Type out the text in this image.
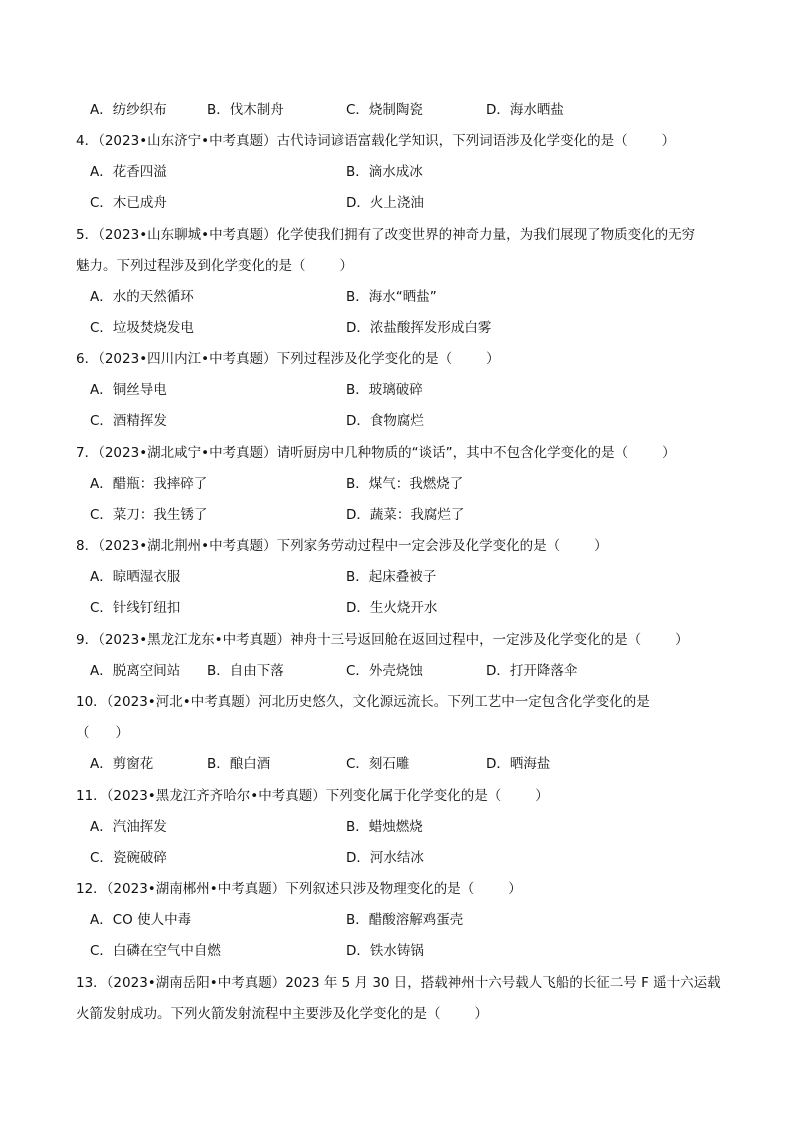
A．纺纱织布	B．伐木制舟	C．烧制陶瓷	D．海水晒盐
4．（2023•山东济宁•中考真题）古代诗词谚语富载化学知识，下列词语涉及化学变化的是（	）
A．花香四溢	B．滴水成冰
C．木已成舟	D．火上浇油
5．（2023•山东聊城•中考真题）化学使我们拥有了改变世界的神奇力量，为我们展现了物质变化的无穷
魅力。下列过程涉及到化学变化的是（	）
A．水的天然循环	B．海水“晒盐”
C．垃圾焚烧发电	D．浓盐酸挥发形成白雾
6．（2023•四川内江•中考真题）下列过程涉及化学变化的是（	）
A．铜丝导电	B．玻璃破碎
C．酒精挥发	D．食物腐烂
7．（2023•湖北咸宁•中考真题）请听厨房中几种物质的“谈话”，其中不包含化学变化的是（	）
A．醋瓶：我摔碎了	B．煤气：我燃烧了
C．菜刀：我生锈了	D．蔬菜：我腐烂了
8．（2023•湖北荆州•中考真题）下列家务劳动过程中一定会涉及化学变化的是（	）
A．晾晒湿衣服	B．起床叠被子
C．针线钉纽扣	D．生火烧开水
9．（2023•黑龙江龙东•中考真题）神舟十三号返回舱在返回过程中，一定涉及化学变化的是（	）
A．脱离空间站 B．自由下落	C．外壳烧蚀	D．打开降落伞
10．（2023•河北•中考真题）河北历史悠久，文化源远流长。下列工艺中一定包含化学变化的是
（ ）
A．剪窗花	B．酿白酒	C．刻石雕	D．晒海盐
11．（2023•黑龙江齐齐哈尔•中考真题）下列变化属于化学变化的是（	）
A．汽油挥发	B．蜡烛燃烧
C．瓷碗破碎	D．河水结冰
12．（2023•湖南郴州•中考真题）下列叙述只涉及物理变化的是（	）
A．CO 使人中毒	B．醋酸溶解鸡蛋壳
C．白磷在空气中自燃	D．铁水铸锅
13．（2023•湖南岳阳•中考真题）2023 年 5 月 30 日，搭载神州十六号载人飞船的长征二号 F 遥十六运载
火箭发射成功。下列火箭发射流程中主要涉及化学变化的是（	）
